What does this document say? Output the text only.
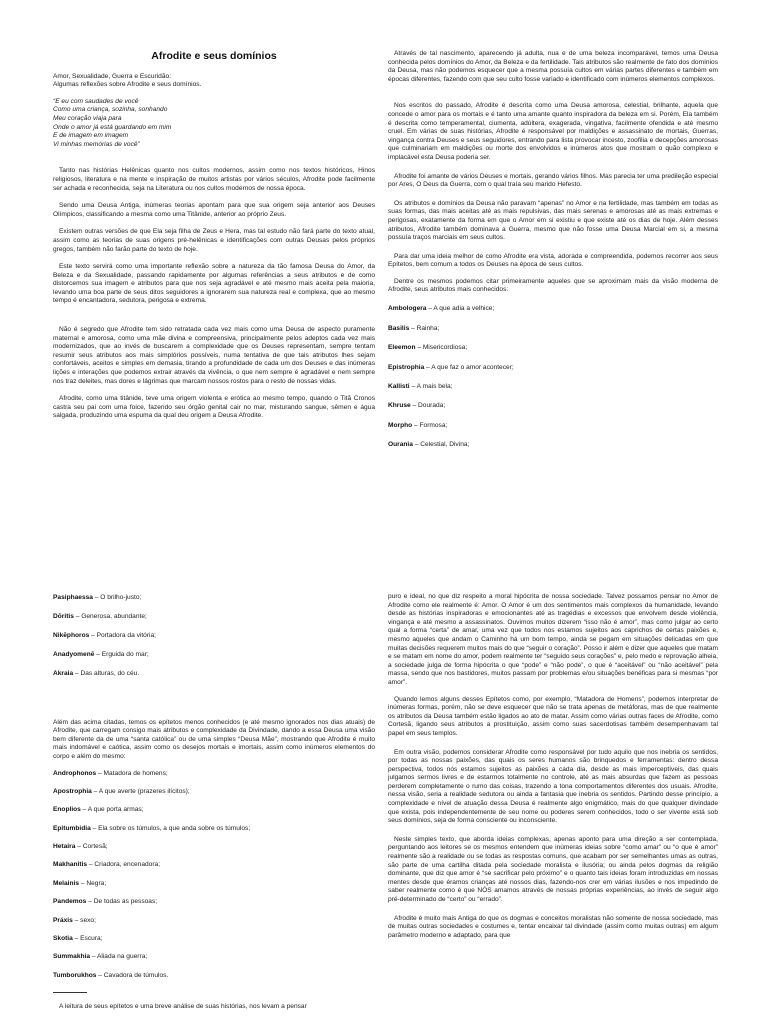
Afrodite e seus domínios
Amor, Sexualidade, Guerra e Escuridão:
Algumas reflexões sobre Afrodite e seus domínios.
“E eu com saudades de você
Como uma criança, sozinha, sonhando
Meu coração viaja para
Onde o amor já está guardando em mim
E de imagem em imagem
Vi minhas memórias de você”

Tanto nas histórias Helênicas quanto nos cultos modernos, assim como nos textos históricos, Hinos religiosos, literatura e na mente e inspiração de muitos artistas por vários séculos, Afrodite pode facilmente ser achada e reconhecida, seja na Literatura ou nos cultos modernos de nossa época.

Sendo uma Deusa Antiga, inúmeras teorias apontam para que sua origem seja anterior aos Deuses Olímpicos, classificando a mesma como uma Titânide, anterior ao próprio Zeus.

Existem outras versões de que Ela seja filha de Zeus e Hera, mas tal estudo não fará parte do texto atual, assim como as teorias de suas origens pré-helênicas e identificações com outras Deusas pelos próprios gregos, também não farão parte do texto de hoje.

Este texto servirá como uma importante reflexão sobre a natureza da tão famosa Deusa do Amor, da Beleza e da Sexualidade, passando rapidamente por algumas referências a seus atributos e de como distorcemos sua imagem e atributos para que nos seja agradável e até mesmo mais aceita pela maioria, levando uma boa parte de seus ditos seguidores a ignorarem sua natureza real e complexa, que ao mesmo tempo é encantadora, sedutora, perigosa e extrema.

Não é segredo que Afrodite tem sido retratada cada vez mais como uma Deusa de aspecto puramente maternal e amorosa, como uma mãe divina e compreensiva, principalmente pelos adeptos cada vez mais modernizados, que ao invés de buscarem a complexidade que os Deuses representam, sempre tentam resumir seus atributos aos mais simplórios possíveis, numa tentativa de que tais atributos lhes sejam confortáveis, aceitos e simples em demasia, tirando a profundidade de cada um dos Deuses e das inúmeras lições e interações que podemos extrair através da vivência, o que nem sempre é agradável e nem sempre nos traz deleites, mas dores e lágrimas que marcam nossos rostos para o resto de nossas vidas.

Afrodite, como uma titânide, teve uma origem violenta e erótica ao mesmo tempo, quando o Titã Cronos castra seu pai com uma foice, fazendo seu órgão genital cair no mar, misturando sangue, sêmen e água salgada, produzindo uma espuma da qual deu origem a Deusa Afrodite.

Através de tal nascimento, aparecendo já adulta, nua e de uma beleza incomparável, temos uma Deusa conhecida pelos domínios do Amor, da Beleza e da fertilidade. Tais atributos são realmente de fato dos domínios da Deusa, mas não podemos esquecer que a mesma possuía cultos em várias partes diferentes e também em épocas diferentes, fazendo com que seu culto fosse variado e identificado com inúmeros elementos complexos.

Nos escritos do passado, Afrodite é descrita como uma Deusa amorosa, celestial, brilhante, aquela que concede o amor para os mortais e é tanto uma amante quanto inspiradora da beleza em si. Porém, Ela também é descrita como temperamental, ciumenta, adúltera, exagerada, vingativa, facilmente ofendida e até mesmo cruel. Em várias de suas histórias, Afrodite é responsável por maldições e assassinato de mortais, Guerras, vingança contra Deuses e seus seguidores, entrando para lista provocar incesto, zoofilia e decepções amorosas que culminariam em maldições ou morte dos envolvidos e inúmeros atos que mostram o quão complexo e implacável esta Deusa poderia ser.

Afrodite foi amante de vários Deuses e mortais, gerando vários filhos. Mas parecia ter uma predileção especial por Ares, O Deus da Guerra, com o qual traía seu marido Hefesto.

Os atributos e domínios da Deusa não paravam “apenas” no Amor e na fertilidade, mas também em todas as suas formas, das mais aceitas até as mais repulsivas, das mais serenas e amorosas até as mais extremas e perigosas, exatamente da forma em que o Amor em si existiu e que existe até os dias de hoje. Além desses atributos, Afrodite também dominava a Guerra, mesmo que não fosse uma Deusa Marcial em si, a mesma possuía traços marciais em seus cultos.

Para dar uma ideia melhor de como Afrodite era vista, adorada e compreendida, podemos recorrer aos seus Epítetos, bem comum a todos os Deuses na época de seus cultos.

Dentre os mesmos podemos citar primeiramente aqueles que se aproximam mais da visão moderna de Afrodite, seus atributos mais conhecidos:

Ambologera – A que adia a velhice;
Basilis – Rainha;
Eleemon – Misericordiosa;
Epistrophia – A que faz o amor acontecer;
Kallisti – A mais bela;
Khruse – Dourada;
Morpho – Formosa;
Ourania – Celestial, Divina;
Pasiphaessa – O brilho-justo;
Dōritis – Generosa, abundante;
Nikēphoros – Portadora da vitória;
Anadyomenē – Erguida do mar;
Akraia – Das alturas, do céu.

Além das acima citadas, temos os epítetos menos conhecidos (e até mesmo ignorados nos dias atuais) de Afrodite, que carregam consigo mais atributos e complexidade da Divindade, dando a essa Deusa uma visão bem diferente da de uma “santa católica” ou de uma simples “Deusa Mãe”, mostrando que Afrodite é muito mais indomável e caótica, assim como os desejos mortais e imortais, assim como inúmeros elementos do corpo e além do mesmo:

Androphonos – Matadora de homens;
Apostrophia – A que averte (prazeres ilícitos);
Enoplios – A que porta armas;
Epitumbidia – Ela sobre os túmulos, a que anda sobre os túmulos;
Hetaira – Cortesã;
Makhanitis – Criadora, encenadora;
Melainis – Negra;
Pandemos – De todas as pessoas;
Práxis – sexo;
Skotia – Escura;
Summakhia – Aliada na guerra;
Tumborukhos – Cavadora de túmulos.

A leitura de seus epítetos e uma breve análise de suas histórias, nos levam a pensar

puro e ideal, no que diz respeito a moral hipócrita de nossa sociedade. Talvez possamos pensar no Amor de Afrodite como ele realmente é: Amor. O Amor é um dos sentimentos mais complexos da humanidade, levando desde as histórias inspiradoras e emocionantes até as tragédias e excessos que envolvem desde violência, vingança e até mesmo a assassinatos. Ouvimos muitos dizerem “isso não é amor”, mas como julgar ao certo qual a forma “certa” de amar, uma vez que todos nos estamos sujeitos aos caprichos de certas paixões e, mesmo aqueles que andam o Caminho há um bom tempo, ainda se pegam em situações delicadas em que muitas decisões requerem muitos mais do que “seguir o coração”. Posso ir além e dizer que aqueles que matam e se matam em nome do amor, podem realmente ter “seguido seus corações” e, pelo medo e reprovação alheia, a sociedade julga de forma hipócrita o que “pode” e “não pode”, o que é “aceitável” ou “não aceitável” pela massa, sendo que nos bastidores, muitos passam por problemas e/ou situações benéficas para si mesmas “por amor”.

Quando lemos alguns desses Epítetos como, por exemplo, “Matadora de Homens”, podemos interpretar de inúmeras formas, porém, não se deve esquecer que não se trata apenas de metáforas, mas de que realmente os atributos da Deusa também estão ligados ao ato de matar. Assim como várias outras faces de Afrodite, como Cortesã, ligando seus atributos a prostituição, assim como suas sacerdotisas também desempenhavam tal papel em seus templos.

Em outra visão, podemos considerar Afrodite como responsável por tudo aquilo que nos inebria os sentidos, por todas as nossas paixões, das quais os seres humanos são brinquedos e ferramentas: dentro dessa perspectiva, todos nós estamos sujeitos as paixões a cada dia, desde as mais imperceptíveis, das quais julgamos sermos livres e de estarmos totalmente no controle, até as mais absurdas que fazem as pessoas perderem completamente o rumo das coisas, trazendo a tona comportamentos diferentes dos usuais. Afrodite, nessa visão, seria a realidade sedutora ou ainda a fantasia que inebria os sentidos. Partindo desse princípio, a complexidade e nível de atuação dessa Deusa é realmente algo enigmático, mais do que qualquer divindade que exista, pois independentemente de seu nome ou poderes serem conhecidos, todo o ser vivente está sob seus domínios, seja de forma consciente ou inconsciente.

Neste simples texto, que aborda ideias complexas, apenas aponto para uma direção a ser contemplada, perguntando aos leitores se os mesmos entendem que inúmeras ideias sobre “como amar” ou “o que é amor” realmente são a realidade ou se todas as respostas comuns, que acabam por ser semelhantes umas as outras, são parte de uma cartilha ditada pela sociedade moralista e ilusória; ou ainda pelos dogmas da religião dominante, que diz que amor é “se sacrificar pelo próximo” e o quanto tais ideias foram introduzidas em nossas mentes desde que éramos crianças até nossos dias, fazendo-nos crer em várias ilusões e nos impedindo de saber realmente como é que NÓS amamos através de nossas próprias experiências, ao invés de seguir algo pré-determinado de “certo” ou “errado”.

Afrodite é muito mais Antiga do que os dogmas e conceitos moralistas não somente de nossa sociedade, mas de muitas outras sociedades e costumes e, tentar encaixar tal divindade (assim como muitas outras) em algum parâmetro moderno e adaptado, para que
